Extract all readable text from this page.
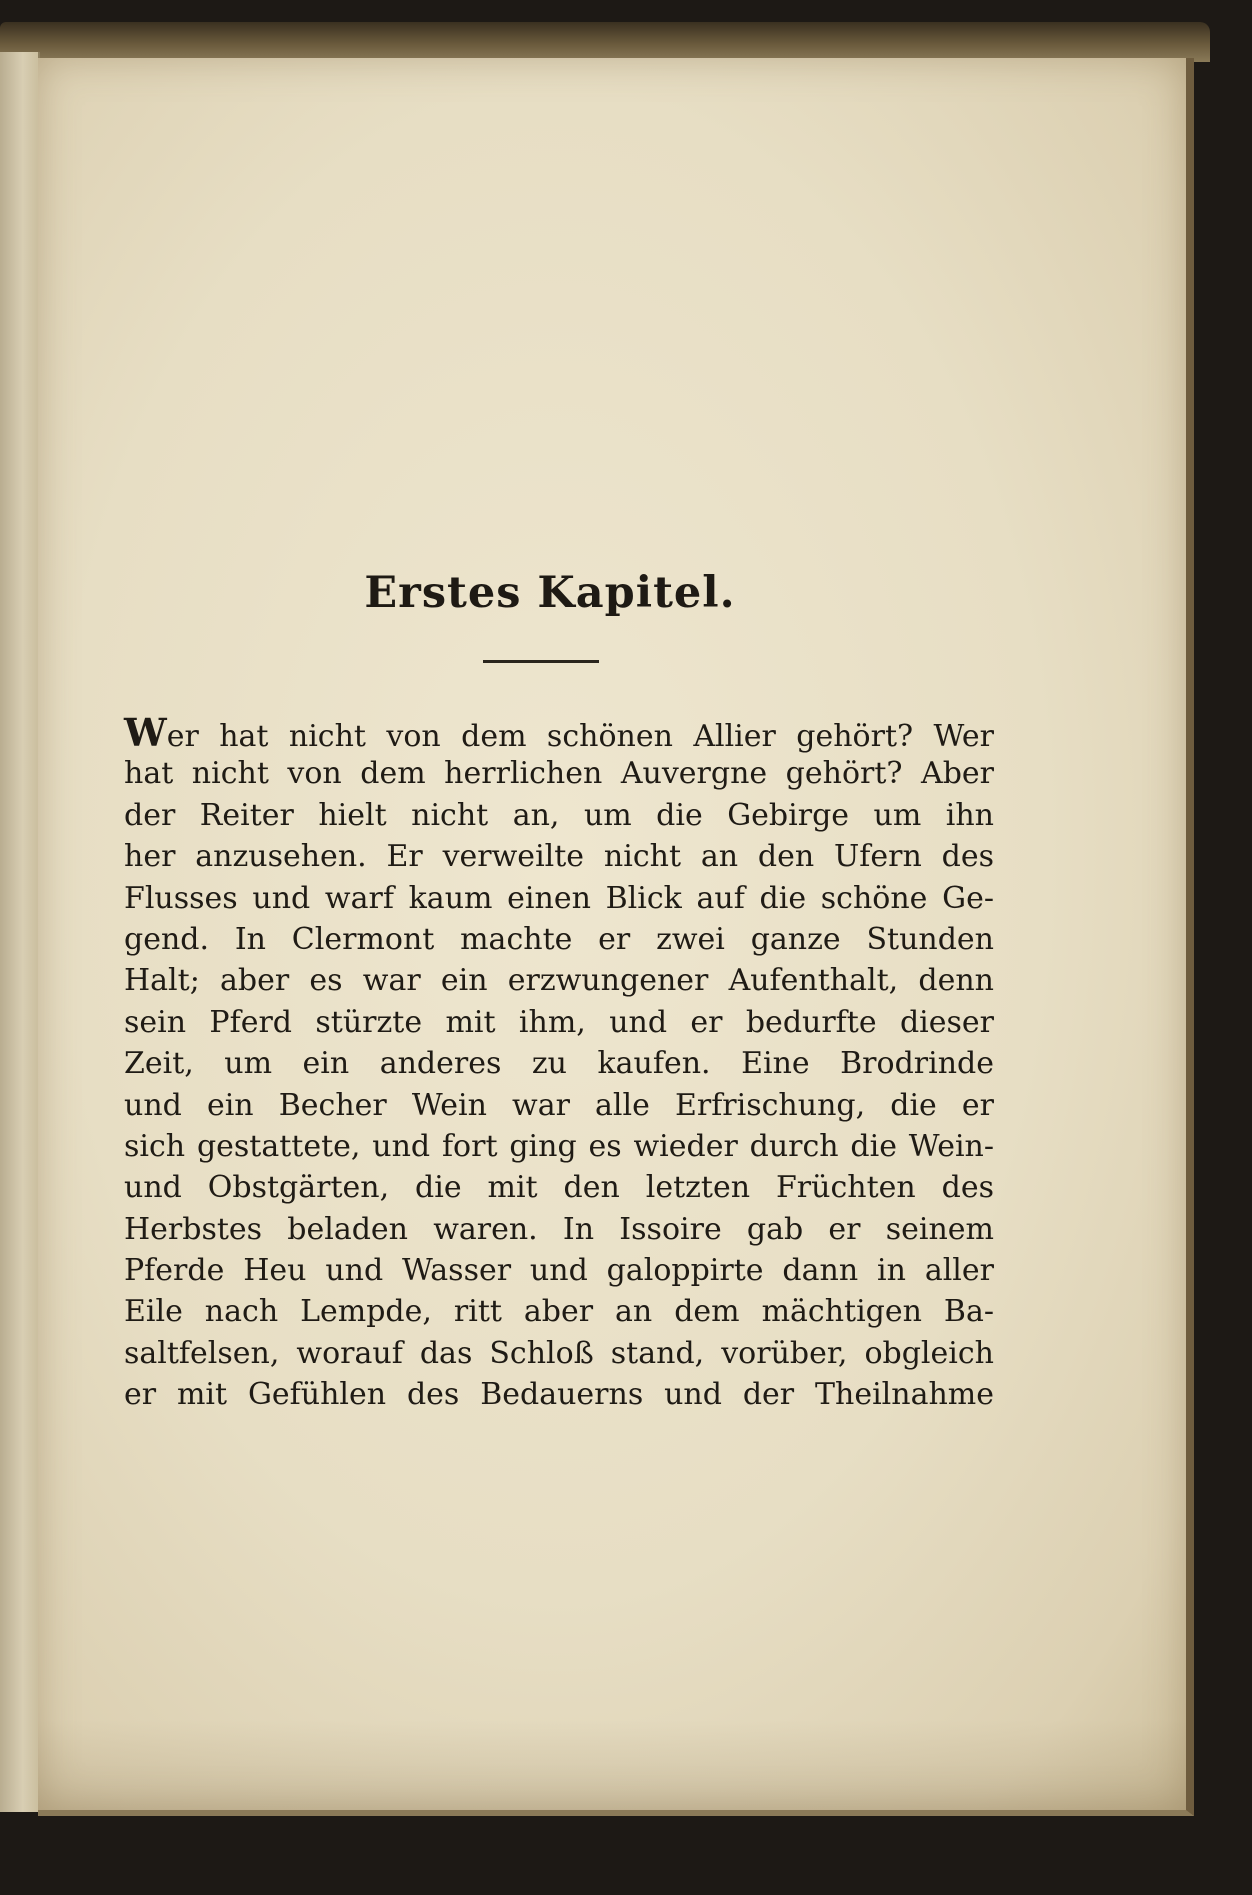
Erstes Kapitel.
Wer hat nicht von dem schönen Allier gehört? Wer
hat nicht von dem herrlichen Auvergne gehört? Aber
der Reiter hielt nicht an, um die Gebirge um ihn
her anzusehen. Er verweilte nicht an den Ufern des
Flusses und warf kaum einen Blick auf die schöne Ge-
gend. In Clermont machte er zwei ganze Stunden
Halt; aber es war ein erzwungener Aufenthalt, denn
sein Pferd stürzte mit ihm, und er bedurfte dieser
Zeit, um ein anderes zu kaufen. Eine Brodrinde
und ein Becher Wein war alle Erfrischung, die er
sich gestattete, und fort ging es wieder durch die Wein-
und Obstgärten, die mit den letzten Früchten des
Herbstes beladen waren. In Issoire gab er seinem
Pferde Heu und Wasser und galoppirte dann in aller
Eile nach Lempde, ritt aber an dem mächtigen Ba-
saltfelsen, worauf das Schloß stand, vorüber, obgleich
er mit Gefühlen des Bedauerns und der Theilnahme
